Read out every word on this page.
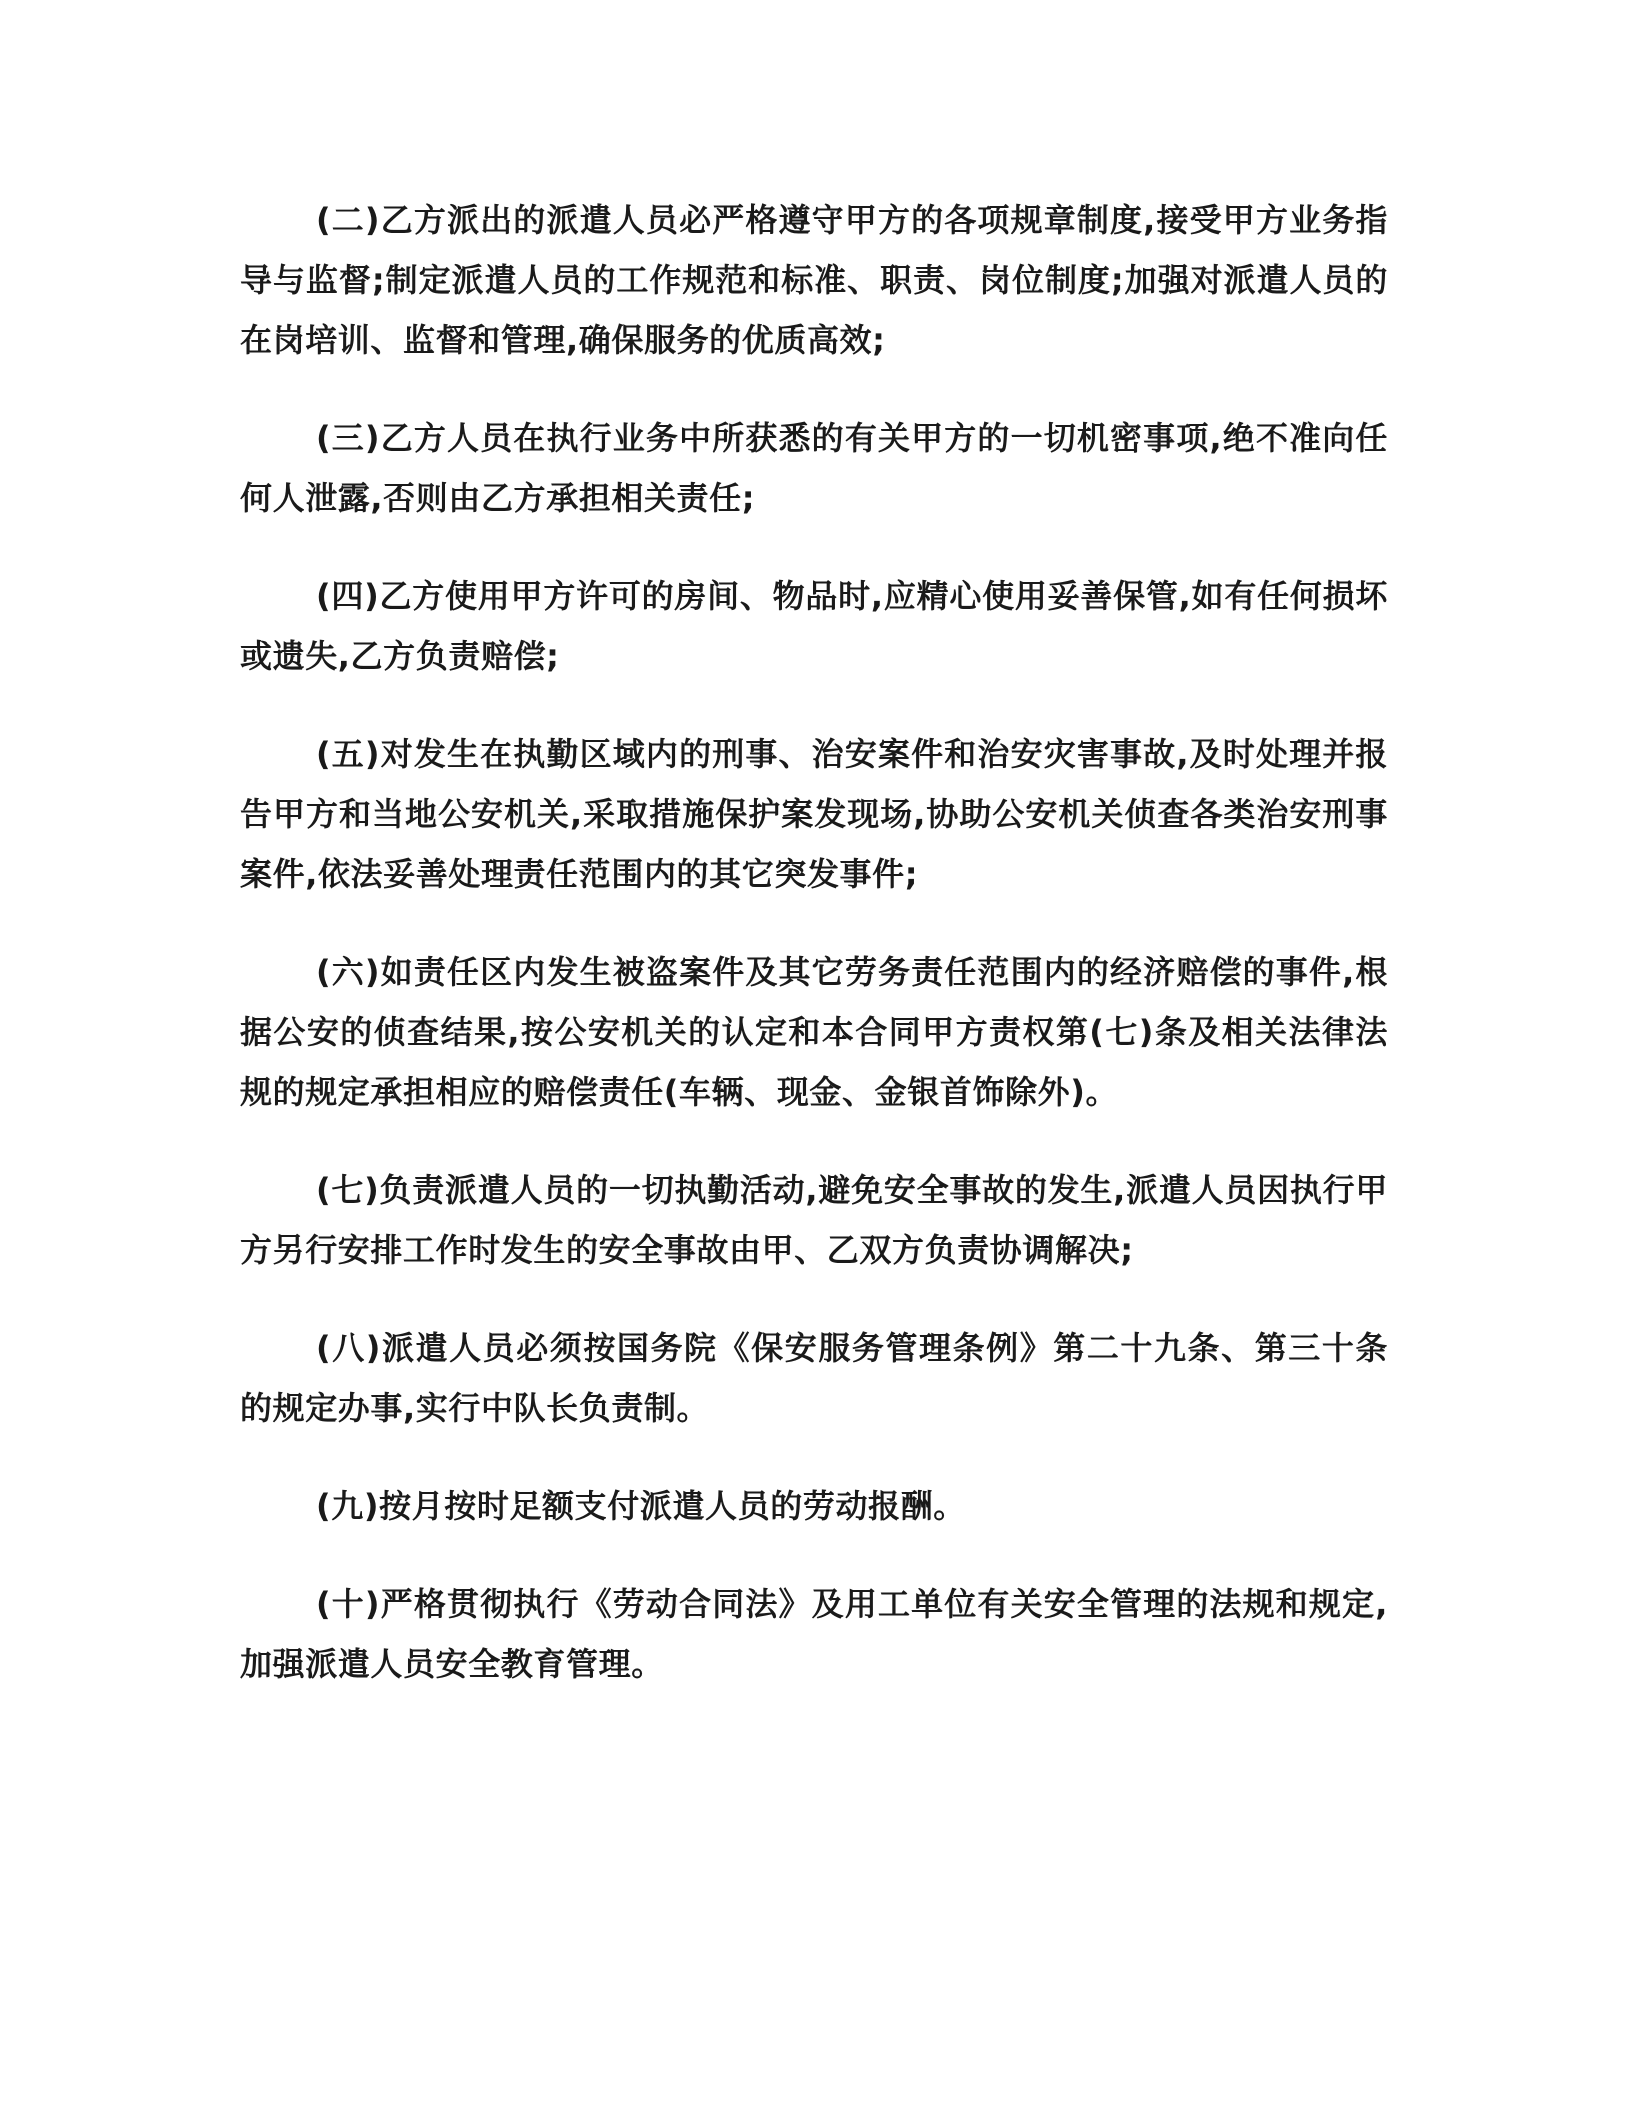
(二)乙方派出的派遣人员必严格遵守甲方的各项规章制度,接受甲方业务指导与监督;制定派遣人员的工作规范和标准、职责、岗位制度;加强对派遣人员的在岗培训、监督和管理,确保服务的优质高效;

(三)乙方人员在执行业务中所获悉的有关甲方的一切机密事项,绝不准向任何人泄露,否则由乙方承担相关责任;

(四)乙方使用甲方许可的房间、物品时,应精心使用妥善保管,如有任何损坏或遗失,乙方负责赔偿;

(五)对发生在执勤区域内的刑事、治安案件和治安灾害事故,及时处理并报告甲方和当地公安机关,采取措施保护案发现场,协助公安机关侦查各类治安刑事案件,依法妥善处理责任范围内的其它突发事件;

(六)如责任区内发生被盗案件及其它劳务责任范围内的经济赔偿的事件,根据公安的侦查结果,按公安机关的认定和本合同甲方责权第(七)条及相关法律法规的规定承担相应的赔偿责任(车辆、现金、金银首饰除外)。

(七)负责派遣人员的一切执勤活动,避免安全事故的发生,派遣人员因执行甲方另行安排工作时发生的安全事故由甲、乙双方负责协调解决;

(八)派遣人员必须按国务院《保安服务管理条例》第二十九条、第三十条的规定办事,实行中队长负责制。

(九)按月按时足额支付派遣人员的劳动报酬。

(十)严格贯彻执行《劳动合同法》及用工单位有关安全管理的法规和规定,加强派遣人员安全教育管理。
